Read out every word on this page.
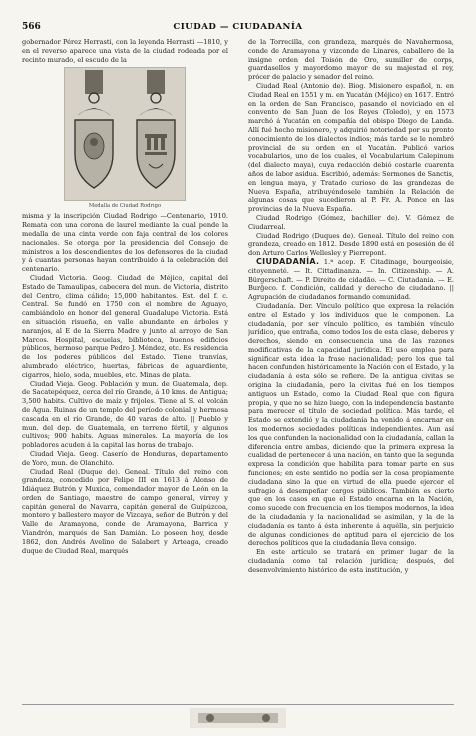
566	CIUDAD — CIUDADANÍA

gobernador Pérez Herrasti, con la leyenda Herrasti —1810, y en el reverso aparece una vista de la ciudad rodeada por el recinto murado, el escudo de la

Medalla de Ciudad Rodrigo

misma y la inscripción Ciudad Rodrigo —Centenario, 1910. Remata con una corona de laurel mediante la cual pende la medalla de una cinta verde con faja central de los colores nacionales. Se otorga por la presidencia del Consejo de ministros a los descendientes de los defensores de la ciudad y á cuantas personas hayan contribuido á la celebración del centenario.

Ciudad Victoria. Geog. Ciudad de Méjico, capital del Estado de Tamaulipas, cabecera del mun. de Victoria, distrito del Centro, clima cálido; 15,000 habitantes. Est. del f. c. Central. Se fundó en 1750 con el nombre de Aguayo, cambiándolo en honor del general Guadalupe Victoria. Está en situación risueña, en valle abundante en árboles y naranjos, al E de la Sierra Madre y junto al arroyo de San Marcos. Hospital, escuelas, biblioteca, buenos edificios públicos, hermoso parque Pedro J. Méndez, etc. Es residencia de los poderes públicos del Estado. Tiene tranvías, alumbrado eléctrico, huertas, fábricas de aguardiente, cigarros, hielo, soda, muebles, etc. Minas de plata.

Ciudad Vieja. Geog. Población y mun. de Guatemala, dep. de Sacatepéquez, cerca del río Grande, á 10 kms. de Antigua; 3,500 habits. Cultivo de maíz y frijoles. Tiene al S. el volcán de Agua. Ruinas de un templo del período colonial y hermosa cascada en el río Grande, de 40 varas de alto. || Pueblo y mun. del dep. de Guatemala, en terreno fértil, y algunos cultivos; 900 habits. Aguas minerales. La mayoría de los pobladores acuden á la capital las horas de trabajo.

Ciudad Vieja. Geog. Caserío de Honduras, departamento de Yoro, mun. de Olanchito.

Ciudad Real (Duque de). Geneal. Título del reino con grandeza, concedido por Felipe III en 1613 á Alonso de Idiáquez Butrón y Muxica, comendador mayor de León en la orden de Santiago, maestre de campo general, virrey y capitán general de Navarra, capitán general de Guipúzcoa, montero y ballestero mayor de Vizcaya, señor de Butrón y del Valle de Aramayona, conde de Aramayona, Barrica y Viandrón, marqués de San Damián. Lo poseen hoy, desde 1862, don Andrés Avelino de Salabert y Arteaga, creado duque de Ciudad Real, marqués

de la Torrecilla, con grandeza, marqués de Navahermosa, conde de Aramayona y vizconde de Linares, caballero de la insigne orden del Toisón de Oro, sumiller de corps, guardasellos y mayordomo mayor de su majestad el rey, prócer de palacio y senador del reino.

Ciudad Real (Antonio de). Biog. Misionero español, n. en Ciudad Real en 1551 y m. en Yucatán (Méjico) en 1617. Entró en la orden de San Francisco, pasando el noviciado en el convento de San Juan de los Reyes (Toledo), y en 1573 marchó á Yucatán en compañía del obispo Diego de Landa. Allí fué hecho misionero, y adquirió notoriedad por su pronto conocimiento de los dialectos indios; más tarde se le nombró provincial de su orden en el Yucatán. Publicó varios vocabularios, uno de los cuales, el Vocabularium Calepinum (del dialecto maya), cuya redacción debió costarle cuarenta años de labor asidua. Escribió, además: Sermones de Sanctis, en lengua maya, y Tratado curioso de las grandezas de Nueva España, atribuyéndosele también la Relación de algunas cosas que sucedieron al P. Fr. A. Ponce en las provincias de la Nueva España.

Ciudad Rodrigo (Gómez, bachiller de). V. Gómez de Ciudarreal.

Ciudad Rodrigo (Duques de). Geneal. Título del reino con grandeza, creado en 1812. Desde 1890 está en posesión de él don Arturo Carlos Wellesley y Pierrepont.

CIUDADANÍA. 1.ª acep. F. Citadinage, bourgeoisie, citoyenneté. — It. Cittadinanza. — In. Citizenship. — A. Bürgerschaft. — P. Direito de cidadão. — C. Ciutadania. — E. Burĝeco. f. Condición, calidad y derecho de ciudadano. || Agrupación de ciudadanos formando comunidad.

Ciudadanía. Der. Vínculo político que expresa la relación entre el Estado y los individuos que le componen. La ciudadanía, por ser vínculo político, es también vínculo jurídico, que entraña, como todos los de esta clase, deberes y derechos, siendo en consecuencia una de las razones modificativas de la capacidad jurídica. El uso emplea para significar esta idea la frase nacionalidad; pero los que tal hacen confunden históricamente la Nación con el Estado, y la ciudadanía á esta sólo se refiere. De la antigua civitas se origina la ciudadanía, pero la civitas fué en los tiempos antiguos un Estado, como la Ciudad Real que con figura propia, y que no se hizo luego, con la independencia bastante para merecer el título de sociedad política. Más tarde, el Estado se extendió y la ciudadanía ha venido á encarnar en los modernos sociedades políticas independientes. Aun así los que confunden la nacionalidad con la ciudadanía, callan la diferencia entre ambas, diciendo que la primera expresa la cualidad de pertenecer á una nación, en tanto que la segunda expresa la condición que habilita para tomar parte en sus funciones; en este sentido no podía ser la cosa propiamente ciudadana sino la que en virtud de ella puede ejercer el sufragio á desempeñar cargos públicos. También es cierto que en los casos en que el Estado encarna en la Nación, como sucede con frecuencia en los tiempos modernos, la idea de la ciudadanía y la nacionalidad se asimilan, y la de la ciudadanía es tanto á ésta inherente á aquélla, sin perjuicio de algunas condiciones de aptitud para el ejercicio de los derechos políticos que la ciudadanía lleva consigo.

En este artículo se tratará en primer lugar de la ciudadanía como tal relación jurídica; después, del desenvolvimiento histórico de esta institución, y
